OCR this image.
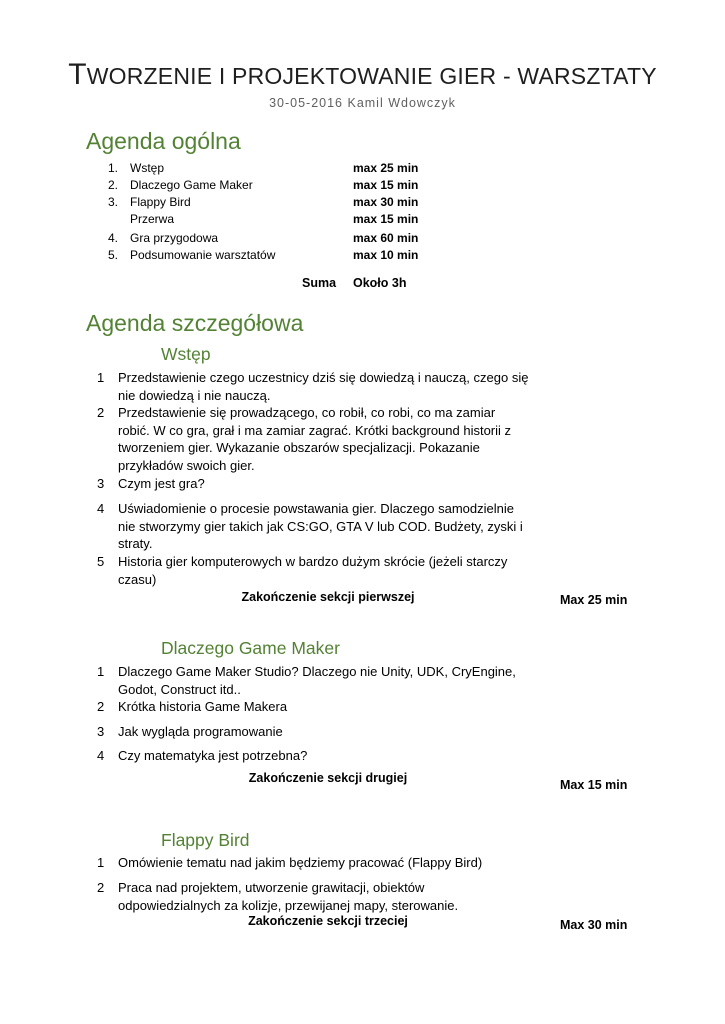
TWORZENIE I PROJEKTOWANIE GIER - WARSZTATY
30-05-2016 Kamil Wdowczyk
Agenda ogólna
1. Wstęp	max 25 min
2. Dlaczego Game Maker	max 15 min
3. Flappy Bird	max 30 min
Przerwa	max 15 min
4. Gra przygodowa	max 60 min
5. Podsumowanie warsztatów	max 10 min
Suma Około 3h
Agenda szczegółowa
Wstęp
1	Przedstawienie czego uczestnicy dziś się dowiedzą i nauczą, czego się
nie dowiedzą i nie nauczą.
2	Przedstawienie się prowadzącego, co robił, co robi, co ma zamiar
robić. W co gra, grał i ma zamiar zagrać. Krótki background historii z
tworzeniem gier. Wykazanie obszarów specjalizacji. Pokazanie
przykładów swoich gier.
3	Czym jest gra?
4	Uświadomienie o procesie powstawania gier. Dlaczego samodzielnie
nie stworzymy gier takich jak CS:GO, GTA V lub COD. Budżety, zyski i
straty.
5	Historia gier komputerowych w bardzo dużym skrócie (jeżeli starczy
czasu)
Zakończenie sekcji pierwszej	Max 25 min
Dlaczego Game Maker
1	Dlaczego Game Maker Studio? Dlaczego nie Unity, UDK, CryEngine,
Godot, Construct itd..
2	Krótka historia Game Makera
3	Jak wygląda programowanie
4	Czy matematyka jest potrzebna?
Zakończenie sekcji drugiej	Max 15 min
Flappy Bird
1	Omówienie tematu nad jakim będziemy pracować (Flappy Bird)
2	Praca nad projektem, utworzenie grawitacji, obiektów
odpowiedzialnych za kolizje, przewijanej mapy, sterowanie.
Zakończenie sekcji trzeciej	Max 30 min
